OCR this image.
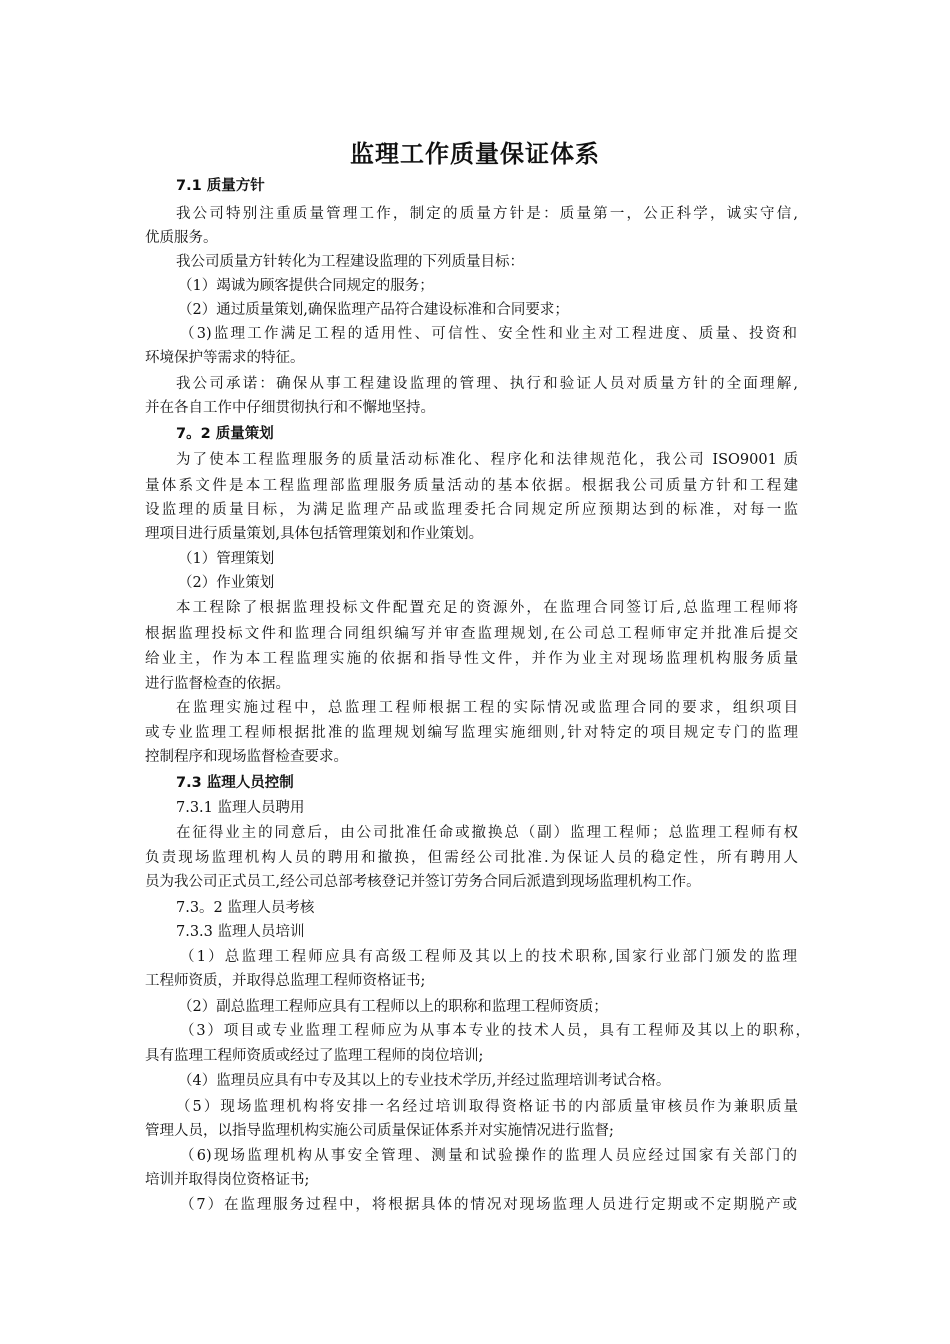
监理工作质量保证体系
7.1 质量方针
我公司特别注重质量管理工作，制定的质量方针是：质量第一，公正科学，诚实守信,
优质服务。
我公司质量方针转化为工程建设监理的下列质量目标：
（1）竭诚为顾客提供合同规定的服务；
（2）通过质量策划,确保监理产品符合建设标准和合同要求；
（3)监理工作满足工程的适用性、可信性、安全性和业主对工程进度、质量、投资和
环境保护等需求的特征。
我公司承诺：确保从事工程建设监理的管理、执行和验证人员对质量方针的全面理解,
并在各自工作中仔细贯彻执行和不懈地坚持。
7。2 质量策划
为了使本工程监理服务的质量活动标准化、程序化和法律规范化，我公司 ISO9001 质
量体系文件是本工程监理部监理服务质量活动的基本依据。根据我公司质量方针和工程建
设监理的质量目标，为满足监理产品或监理委托合同规定所应预期达到的标准，对每一监
理项目进行质量策划,具体包括管理策划和作业策划。
（1）管理策划
（2）作业策划
本工程除了根据监理投标文件配置充足的资源外，在监理合同签订后,总监理工程师将
根据监理投标文件和监理合同组织编写并审查监理规划,在公司总工程师审定并批准后提交
给业主，作为本工程监理实施的依据和指导性文件，并作为业主对现场监理机构服务质量
进行监督检查的依据。
在监理实施过程中，总监理工程师根据工程的实际情况或监理合同的要求，组织项目
或专业监理工程师根据批准的监理规划编写监理实施细则,针对特定的项目规定专门的监理
控制程序和现场监督检查要求。
7.3 监理人员控制
7.3.1 监理人员聘用
在征得业主的同意后，由公司批准任命或撤换总（副）监理工程师；总监理工程师有权
负责现场监理机构人员的聘用和撤换，但需经公司批准.为保证人员的稳定性，所有聘用人
员为我公司正式员工,经公司总部考核登记并签订劳务合同后派遣到现场监理机构工作。
7.3。2 监理人员考核
7.3.3 监理人员培训
（1）总监理工程师应具有高级工程师及其以上的技术职称,国家行业部门颁发的监理
工程师资质，并取得总监理工程师资格证书;
（2）副总监理工程师应具有工程师以上的职称和监理工程师资质；
（3）项目或专业监理工程师应为从事本专业的技术人员，具有工程师及其以上的职称，
具有监理工程师资质或经过了监理工程师的岗位培训;
（4）监理员应具有中专及其以上的专业技术学历,并经过监理培训考试合格。
（5）现场监理机构将安排一名经过培训取得资格证书的内部质量审核员作为兼职质量
管理人员，以指导监理机构实施公司质量保证体系并对实施情况进行监督;
（6)现场监理机构从事安全管理、测量和试验操作的监理人员应经过国家有关部门的
培训并取得岗位资格证书;
（7）在监理服务过程中，将根据具体的情况对现场监理人员进行定期或不定期脱产或
